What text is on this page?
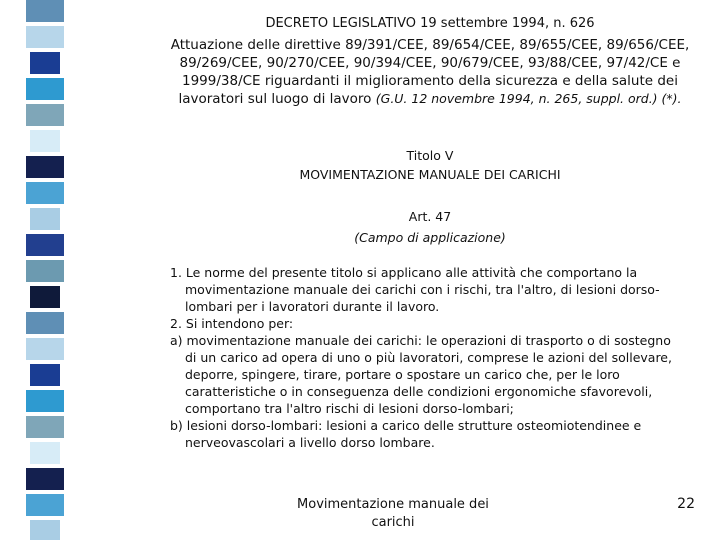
DECRETO LEGISLATIVO 19 settembre 1994, n. 626
Attuazione delle direttive 89/391/CEE, 89/654/CEE, 89/655/CEE, 89/656/CEE, 89/269/CEE, 90/270/CEE, 90/394/CEE, 90/679/CEE, 93/88/CEE, 97/42/CE e 1999/38/CE riguardanti il miglioramento della sicurezza e della salute dei lavoratori sul luogo di lavoro (G.U. 12 novembre 1994, n. 265, suppl. ord.) (*).
Titolo V
MOVIMENTAZIONE MANUALE DEI CARICHI
Art. 47
(Campo di applicazione)

1. Le norme del presente titolo si applicano alle attività che comportano la movimentazione manuale dei carichi con i rischi, tra l'altro, di lesioni dorso-lombari per i lavoratori durante il lavoro.

2. Si intendono per:

a) movimentazione manuale dei carichi: le operazioni di trasporto o di sostegno di un carico ad opera di uno o più lavoratori, comprese le azioni del sollevare, deporre, spingere, tirare, portare o spostare un carico che, per le loro caratteristiche o in conseguenza delle condizioni ergonomiche sfavorevoli, comportano tra l'altro rischi di lesioni dorso-lombari;

b) lesioni dorso-lombari: lesioni a carico delle strutture osteomiotendinee e nerveovascolari a livello dorso lombare.

Movimentazione manuale dei carichi
22
